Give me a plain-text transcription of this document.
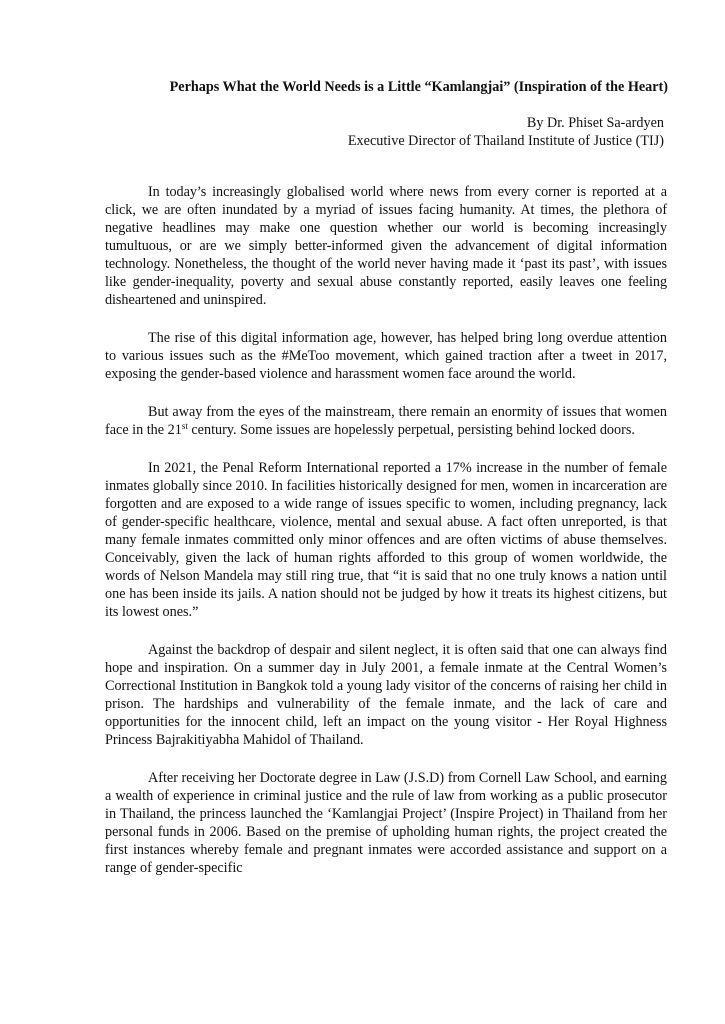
Perhaps What the World Needs is a Little “Kamlangjai” (Inspiration of the Heart)
By Dr. Phiset Sa-ardyen
Executive Director of Thailand Institute of Justice (TIJ)

In today’s increasingly globalised world where news from every corner is reported at a click, we are often inundated by a myriad of issues facing humanity. At times, the plethora of negative headlines may make one question whether our world is becoming increasingly tumultuous, or are we simply better-informed given the advancement of digital information technology. Nonetheless, the thought of the world never having made it ‘past its past’, with issues like gender-inequality, poverty and sexual abuse constantly reported, easily leaves one feeling disheartened and uninspired.

The rise of this digital information age, however, has helped bring long overdue attention to various issues such as the #MeToo movement, which gained traction after a tweet in 2017, exposing the gender-based violence and harassment women face around the world.

But away from the eyes of the mainstream, there remain an enormity of issues that women face in the 21st century. Some issues are hopelessly perpetual, persisting behind locked doors.

In 2021, the Penal Reform International reported a 17% increase in the number of female inmates globally since 2010. In facilities historically designed for men, women in incarceration are forgotten and are exposed to a wide range of issues specific to women, including pregnancy, lack of gender-specific healthcare, violence, mental and sexual abuse. A fact often unreported, is that many female inmates committed only minor offences and are often victims of abuse themselves. Conceivably, given the lack of human rights afforded to this group of women worldwide, the words of Nelson Mandela may still ring true, that “it is said that no one truly knows a nation until one has been inside its jails. A nation should not be judged by how it treats its highest citizens, but its lowest ones.”

Against the backdrop of despair and silent neglect, it is often said that one can always find hope and inspiration. On a summer day in July 2001, a female inmate at the Central Women’s Correctional Institution in Bangkok told a young lady visitor of the concerns of raising her child in prison. The hardships and vulnerability of the female inmate, and the lack of care and opportunities for the innocent child, left an impact on the young visitor - Her Royal Highness Princess Bajrakitiyabha Mahidol of Thailand.

After receiving her Doctorate degree in Law (J.S.D) from Cornell Law School, and earning a wealth of experience in criminal justice and the rule of law from working as a public prosecutor in Thailand, the princess launched the ‘Kamlangjai Project’ (Inspire Project) in Thailand from her personal funds in 2006. Based on the premise of upholding human rights, the project created the first instances whereby female and pregnant inmates were accorded assistance and support on a range of gender-specific
